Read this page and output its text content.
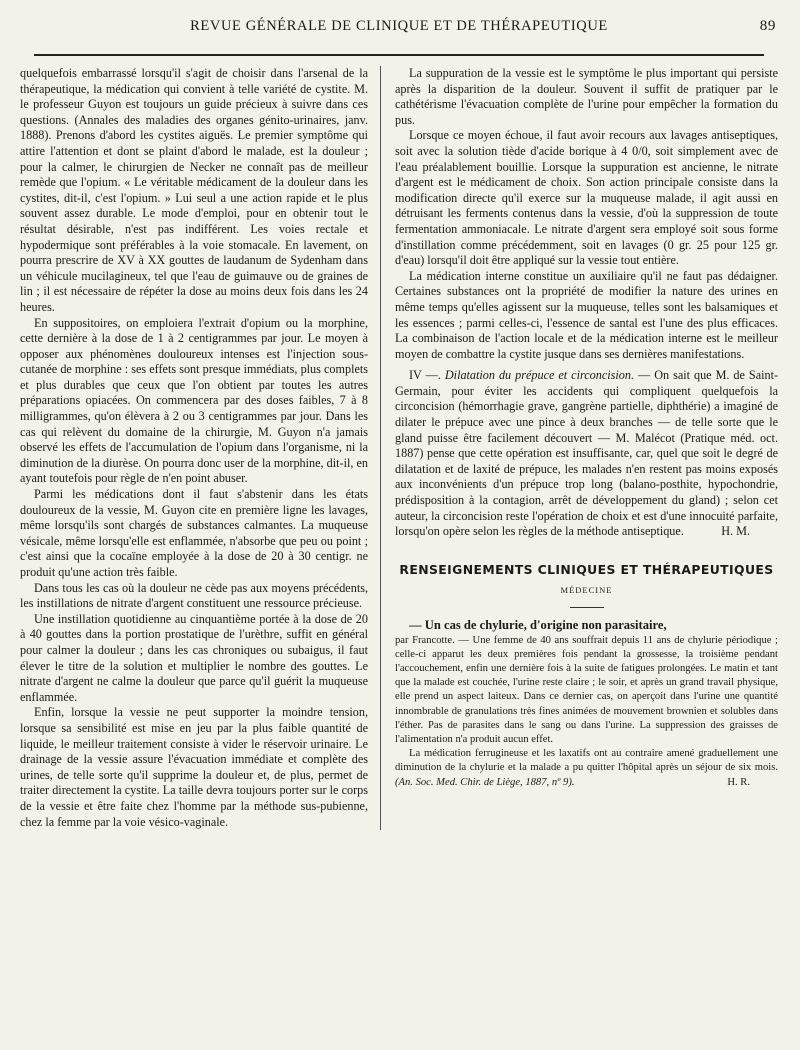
REVUE GÉNÉRALE DE CLINIQUE ET DE THÉRAPEUTIQUE	89

quelquefois embarrassé lorsqu'il s'agit de choisir dans l'arsenal de la thérapeutique, la médication qui convient à telle variété de cystite. M. le professeur Guyon est toujours un guide précieux à suivre dans ces questions. (Annales des maladies des organes génito-urinaires, janv. 1888). Prenons d'abord les cystites aiguës. Le premier symptôme qui attire l'attention et dont se plaint d'abord le malade, est la douleur ; pour la calmer, le chirurgien de Necker ne connaît pas de meilleur remède que l'opium. « Le véritable médicament de la douleur dans les cystites, dit-il, c'est l'opium. » Lui seul a une action rapide et le plus souvent assez durable. Le mode d'emploi, pour en obtenir tout le résultat désirable, n'est pas indifférent. Les voies rectale et hypodermique sont préférables à la voie stomacale. En lavement, on pourra prescrire de XV à XX gouttes de laudanum de Sydenham dans un véhicule mucilagineux, tel que l'eau de guimauve ou de graines de lin ; il est nécessaire de répéter la dose au moins deux fois dans les 24 heures.

En suppositoires, on emploiera l'extrait d'opium ou la morphine, cette dernière à la dose de 1 à 2 centigrammes par jour. Le moyen à opposer aux phénomènes douloureux intenses est l'injection sous-cutanée de morphine : ses effets sont presque immédiats, plus complets et plus durables que ceux que l'on obtient par toutes les autres préparations opiacées. On commencera par des doses faibles, 7 à 8 milligrammes, qu'on élèvera à 2 ou 3 centigrammes par jour. Dans les cas qui relèvent du domaine de la chirurgie, M. Guyon n'a jamais observé les effets de l'accumulation de l'opium dans l'organisme, ni la diminution de la diurèse. On pourra donc user de la morphine, dit-il, en ayant toutefois pour règle de n'en point abuser.

Parmi les médications dont il faut s'abstenir dans les états douloureux de la vessie, M. Guyon cite en première ligne les lavages, même lorsqu'ils sont chargés de substances calmantes. La muqueuse vésicale, même lorsqu'elle est enflammée, n'absorbe que peu ou point ; c'est ainsi que la cocaïne employée à la dose de 20 à 30 centigr. ne produit qu'une action très faible.

Dans tous les cas où la douleur ne cède pas aux moyens précédents, les instillations de nitrate d'argent constituent une ressource précieuse.

Une instillation quotidienne au cinquantième portée à la dose de 20 à 40 gouttes dans la portion prostatique de l'urèthre, suffit en général pour calmer la douleur ; dans les cas chroniques ou subaigus, il faut élever le titre de la solution et multiplier le nombre des gouttes. Le nitrate d'argent ne calme la douleur que parce qu'il guérit la muqueuse enflammée.

Enfin, lorsque la vessie ne peut supporter la moindre tension, lorsque sa sensibilité est mise en jeu par la plus faible quantité de liquide, le meilleur traitement consiste à vider le réservoir urinaire. Le drainage de la vessie assure l'évacuation immédiate et complète des urines, de telle sorte qu'il supprime la douleur et, de plus, permet de traiter directement la cystite. La taille devra toujours porter sur le corps de la vessie et être faite chez l'homme par la méthode sus-pubienne, chez la femme par la voie vésico-vaginale.

La suppuration de la vessie est le symptôme le plus important qui persiste après la disparition de la douleur. Souvent il suffit de pratiquer par le cathétérisme l'évacuation complète de l'urine pour empêcher la formation du pus.

Lorsque ce moyen échoue, il faut avoir recours aux lavages antiseptiques, soit avec la solution tiède d'acide borique à 4 0/0, soit simplement avec de l'eau préalablement bouillie. Lorsque la suppuration est ancienne, le nitrate d'argent est le médicament de choix. Son action principale consiste dans la modification directe qu'il exerce sur la muqueuse malade, il agit aussi en détruisant les ferments contenus dans la vessie, d'où la suppression de toute fermentation ammoniacale. Le nitrate d'argent sera employé soit sous forme d'instillation comme précédemment, soit en lavages (0 gr. 25 pour 125 gr. d'eau) lorsqu'il doit être appliqué sur la vessie tout entière.

La médication interne constitue un auxiliaire qu'il ne faut pas dédaigner. Certaines substances ont la propriété de modifier la nature des urines en même temps qu'elles agissent sur la muqueuse, telles sont les balsamiques et les essences ; parmi celles-ci, l'essence de santal est l'une des plus efficaces. La combinaison de l'action locale et de la médication interne est le meilleur moyen de combattre la cystite jusque dans ses dernières manifestations.

IV —. Dilatation du prépuce et circoncision. — On sait que M. de Saint-Germain, pour éviter les accidents qui compliquent quelquefois la circoncision (hémorrhagie grave, gangrène partielle, diphthérie) a imaginé de dilater le prépuce avec une pince à deux branches — de telle sorte que le gland puisse être facilement découvert — M. Malécot (Pratique méd. oct. 1887) pense que cette opération est insuffisante, car, quel que soit le degré de dilatation et de laxité de prépuce, les malades n'en restent pas moins exposés aux inconvénients d'un prépuce trop long (balano-posthite, hypochondrie, prédisposition à la contagion, arrêt de développement du gland) ; selon cet auteur, la circoncision reste l'opération de choix et est d'une innocuité parfaite, lorsqu'on opère selon les règles de la méthode antiseptique.	H. M.

RENSEIGNEMENTS CLINIQUES ET THÉRAPEUTIQUES
MÉDECINE

— Un cas de chylurie, d'origine non parasitaire,

par Francotte. — Une femme de 40 ans souffrait depuis 11 ans de chylurie périodique ; celle-ci apparut les deux premières fois pendant la grossesse, la troisième pendant l'accouchement, enfin une dernière fois à la suite de fatigues prolongées. Le matin et tant que la malade est couchée, l'urine reste claire ; le soir, et après un grand travail physique, elle prend un aspect laiteux. Dans ce dernier cas, on aperçoit dans l'urine une quantité innombrable de granulations très fines animées de mouvement brownien et solubles dans l'éther. Pas de parasites dans le sang ou dans l'urine. La suppression des graisses de l'alimentation n'a produit aucun effet.

La médication ferrugineuse et les laxatifs ont au contraire amené graduellement une diminution de la chylurie et la malade a pu quitter l'hôpital après un séjour de six mois. (An. Soc. Med. Chir. de Liège, 1887, nº 9).	H. R.
